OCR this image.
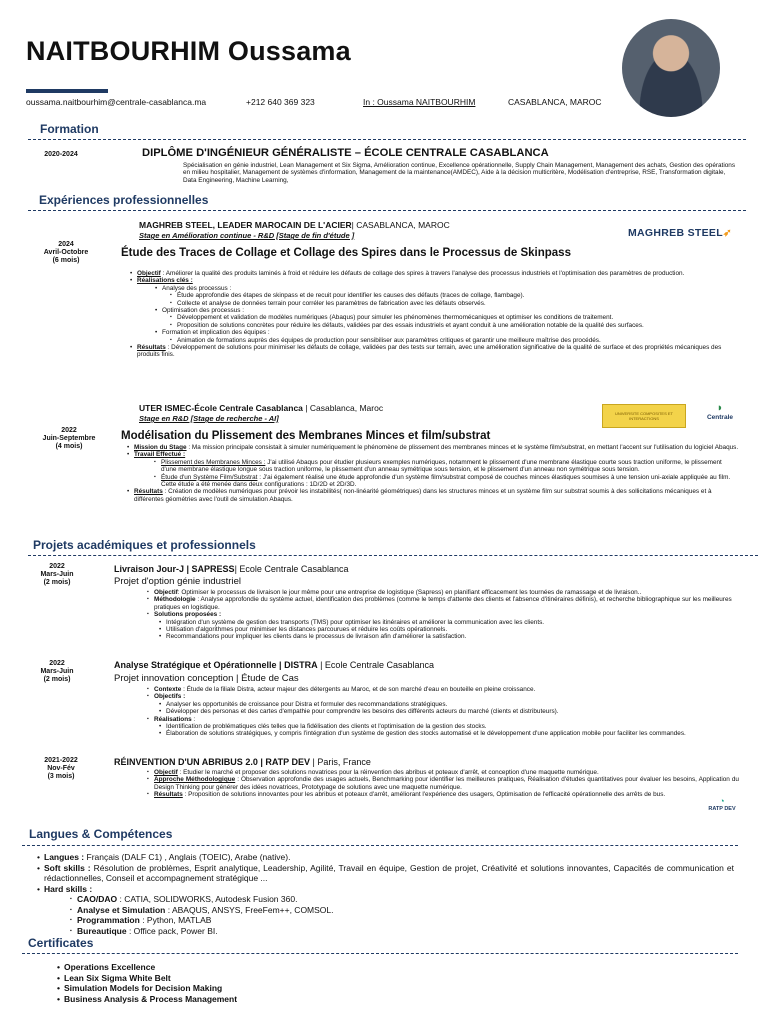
NAITBOURHIM Oussama
oussama.naitbourhim@centrale-casablanca.ma	+212 640 369 323	In : Oussama NAITBOURHIM	CASABLANCA, MAROC
Formation
2020-2024	DIPLÔME D'INGÉNIEUR GÉNÉRALISTE – ÉCOLE CENTRALE CASABLANCA
• Spécialisation en génie industriel, Lean Management et Six Sigma, Amélioration continue, Excellence opérationnelle, Supply Chain Management, Management des achats, Gestion des opérations en milieu hospitalier, Management de systèmes d'information, Management de la maintenance(AMDEC), Aide à la décision multicritère, Modélisation d'entreprise, RSE, Transformation digitale, Data Engineering, Machine Learning,
Expériences professionnelles
MAGHREB STEEL, LEADER MAROCAIN DE L'ACIER| CASABLANCA, MAROC
Stage en Amélioration continue - R&D [Stage de fin d'étude ]
2024
Avril-Octobre
(6 mois)
MAGHREB STEEL➶
Étude des Traces de Collage et Collage des Spires dans le Processus de Skinpass
Objectif : Améliorer la qualité des produits laminés à froid et réduire les défauts de collage des spires à travers l'analyse des processus industriels et l'optimisation des paramètres de production.
Réalisations clés :
• Analyse des processus :
▪ Étude approfondie des étapes de skinpass et de recuit pour identifier les causes des défauts (traces de collage, flambage).
▪ Collecte et analyse de données terrain pour corréler les paramètres de fabrication avec les défauts observés.
• Optimisation des processus :
▪ Développement et validation de modèles numériques (Abaqus) pour simuler les phénomènes thermomécaniques et optimiser les conditions de traitement.
▪ Proposition de solutions concrètes pour réduire les défauts, validées par des essais industriels et ayant conduit à une amélioration notable de la qualité des surfaces.
• Formation et implication des équipes :
▪ Animation de formations auprès des équipes de production pour sensibiliser aux paramètres critiques et garantir une meilleure maîtrise des procédés.
Résultats : Développement de solutions pour minimiser les défauts de collage, validées par des tests sur terrain, avec une amélioration significative de la qualité de surface et des propriétés mécaniques des produits finis.
UTER ISMEC-École Centrale Casablanca | Casablanca, Maroc
Stage en R&D [Stage de recherche - AI]
2022
Juin-Septembre
(4 mois)
UNIVERSITE COMPOSITES ET INTERACTIONS
◗
Centrale
Modélisation du Plissement des Membranes Minces et film/substrat
Mission du Stage : Ma mission principale consistait à simuler numériquement le phénomène de plissement des membranes minces et le système film/substrat, en mettant l'accent sur l'utilisation du logiciel Abaqus.
Travail Effectué :
Plissement des Membranes Minces : J'ai utilisé Abaqus pour étudier plusieurs exemples numériques, notamment le plissement d'une membrane élastique courte sous traction uniforme, le plissement d'une membrane élastique longue sous traction uniforme, le plissement d'un anneau symétrique sous tension, et le plissement d'un anneau non symétrique sous tension.
Étude d'un Système Film/Substrat : J'ai également réalisé une étude approfondie d'un système film/substrat composé de couches minces élastiques soumises à une tension uni-axiale appliquée au film. Cette étude a été menée dans deux configurations : 1D/2D et 2D/3D.
Résultats : Création de modèles numériques pour prévoir les instabilités( non-linéarité géométriques) dans les structures minces et un système film sur substrat soumis à des sollicitations mécaniques et à différentes géométries avec l'outil de simulation Abaqus.
Projets académiques et professionnels
2022
Mars-Juin
(2 mois)
Livraison Jour-J | SAPRESS| Ecole Centrale Casablanca
Projet d'option génie industriel
Objectif: Optimiser le processus de livraison le jour même pour une entreprise de logistique (Sapress) en planifiant efficacement les tournées de ramassage et de livraison..
Méthodologie : Analyse approfondie du système actuel, identification des problèmes (comme le temps d'attente des clients et l'absence d'itinéraires définis), et recherche bibliographique sur les meilleures pratiques en logistique.
Solutions proposées :
• Intégration d'un système de gestion des transports (TMS) pour optimiser les itinéraires et améliorer la communication avec les clients.
• Utilisation d'algorithmes pour minimiser les distances parcourues et réduire les coûts opérationnels.
• Recommandations pour impliquer les clients dans le processus de livraison afin d'améliorer la satisfaction.
2022
Mars-Juin
(2 mois)
Analyse Stratégique et Opérationnelle | DISTRA | Ecole Centrale Casablanca
Projet innovation conception | Étude de Cas
Contexte : Étude de la filiale Distra, acteur majeur des détergents au Maroc, et de son marché d'eau en bouteille en pleine croissance.
Objectifs :
• Analyser les opportunités de croissance pour Distra et formuler des recommandations stratégiques.
• Développer des personas et des cartes d'empathie pour comprendre les besoins des différents acteurs du marché (clients et distributeurs).
Réalisations :
• Identification de problématiques clés telles que la fidélisation des clients et l'optimisation de la gestion des stocks.
• Élaboration de solutions stratégiques, y compris l'intégration d'un système de gestion des stocks automatisé et le développement d'une application mobile pour faciliter les commandes.
2021-2022
Nov-Fév
(3 mois)
RÉINVENTION D'UN ABRIBUS 2.0 | RATP DEV | Paris, France
Objectif : Etudier le marché et proposer des solutions novatrices pour la réinvention des abribus et poteaux d'arrêt, et conception d'une maquette numérique.
Approche Méthodologique : Observation approfondie des usages actuels, Benchmarking pour identifier les meilleures pratiques, Réalisation d'études quantitatives pour évaluer les besoins, Application du Design Thinking pour générer des idées novatrices, Prototypage de solutions avec une maquette numérique.
Résultats : Proposition de solutions innovantes pour les abribus et poteaux d'arrêt, améliorant l'expérience des usagers, Optimisation de l'efficacité opérationnelle des arrêts de bus.
◔
RATP DEV
Langues & Compétences
Langues : Français (DALF C1) , Anglais (TOEIC), Arabe (native).
Soft skills : Résolution de problèmes, Esprit analytique, Leadership, Agilité, Travail en équipe, Gestion de projet, Créativité et solutions innovantes, Capacités de communication et rédactionnelles, Conseil et accompagnement stratégique ...
Hard skills :
CAO/DAO : CATIA, SOLIDWORKS, Autodesk Fusion 360.
Analyse et Simulation : ABAQUS, ANSYS, FreeFem++, COMSOL.
Programmation : Python, MATLAB
Bureautique : Office pack, Power BI.
Certificates
• Operations Excellence
• Lean Six Sigma White Belt
• Simulation Models for Decision Making
• Business Analysis & Process Management
